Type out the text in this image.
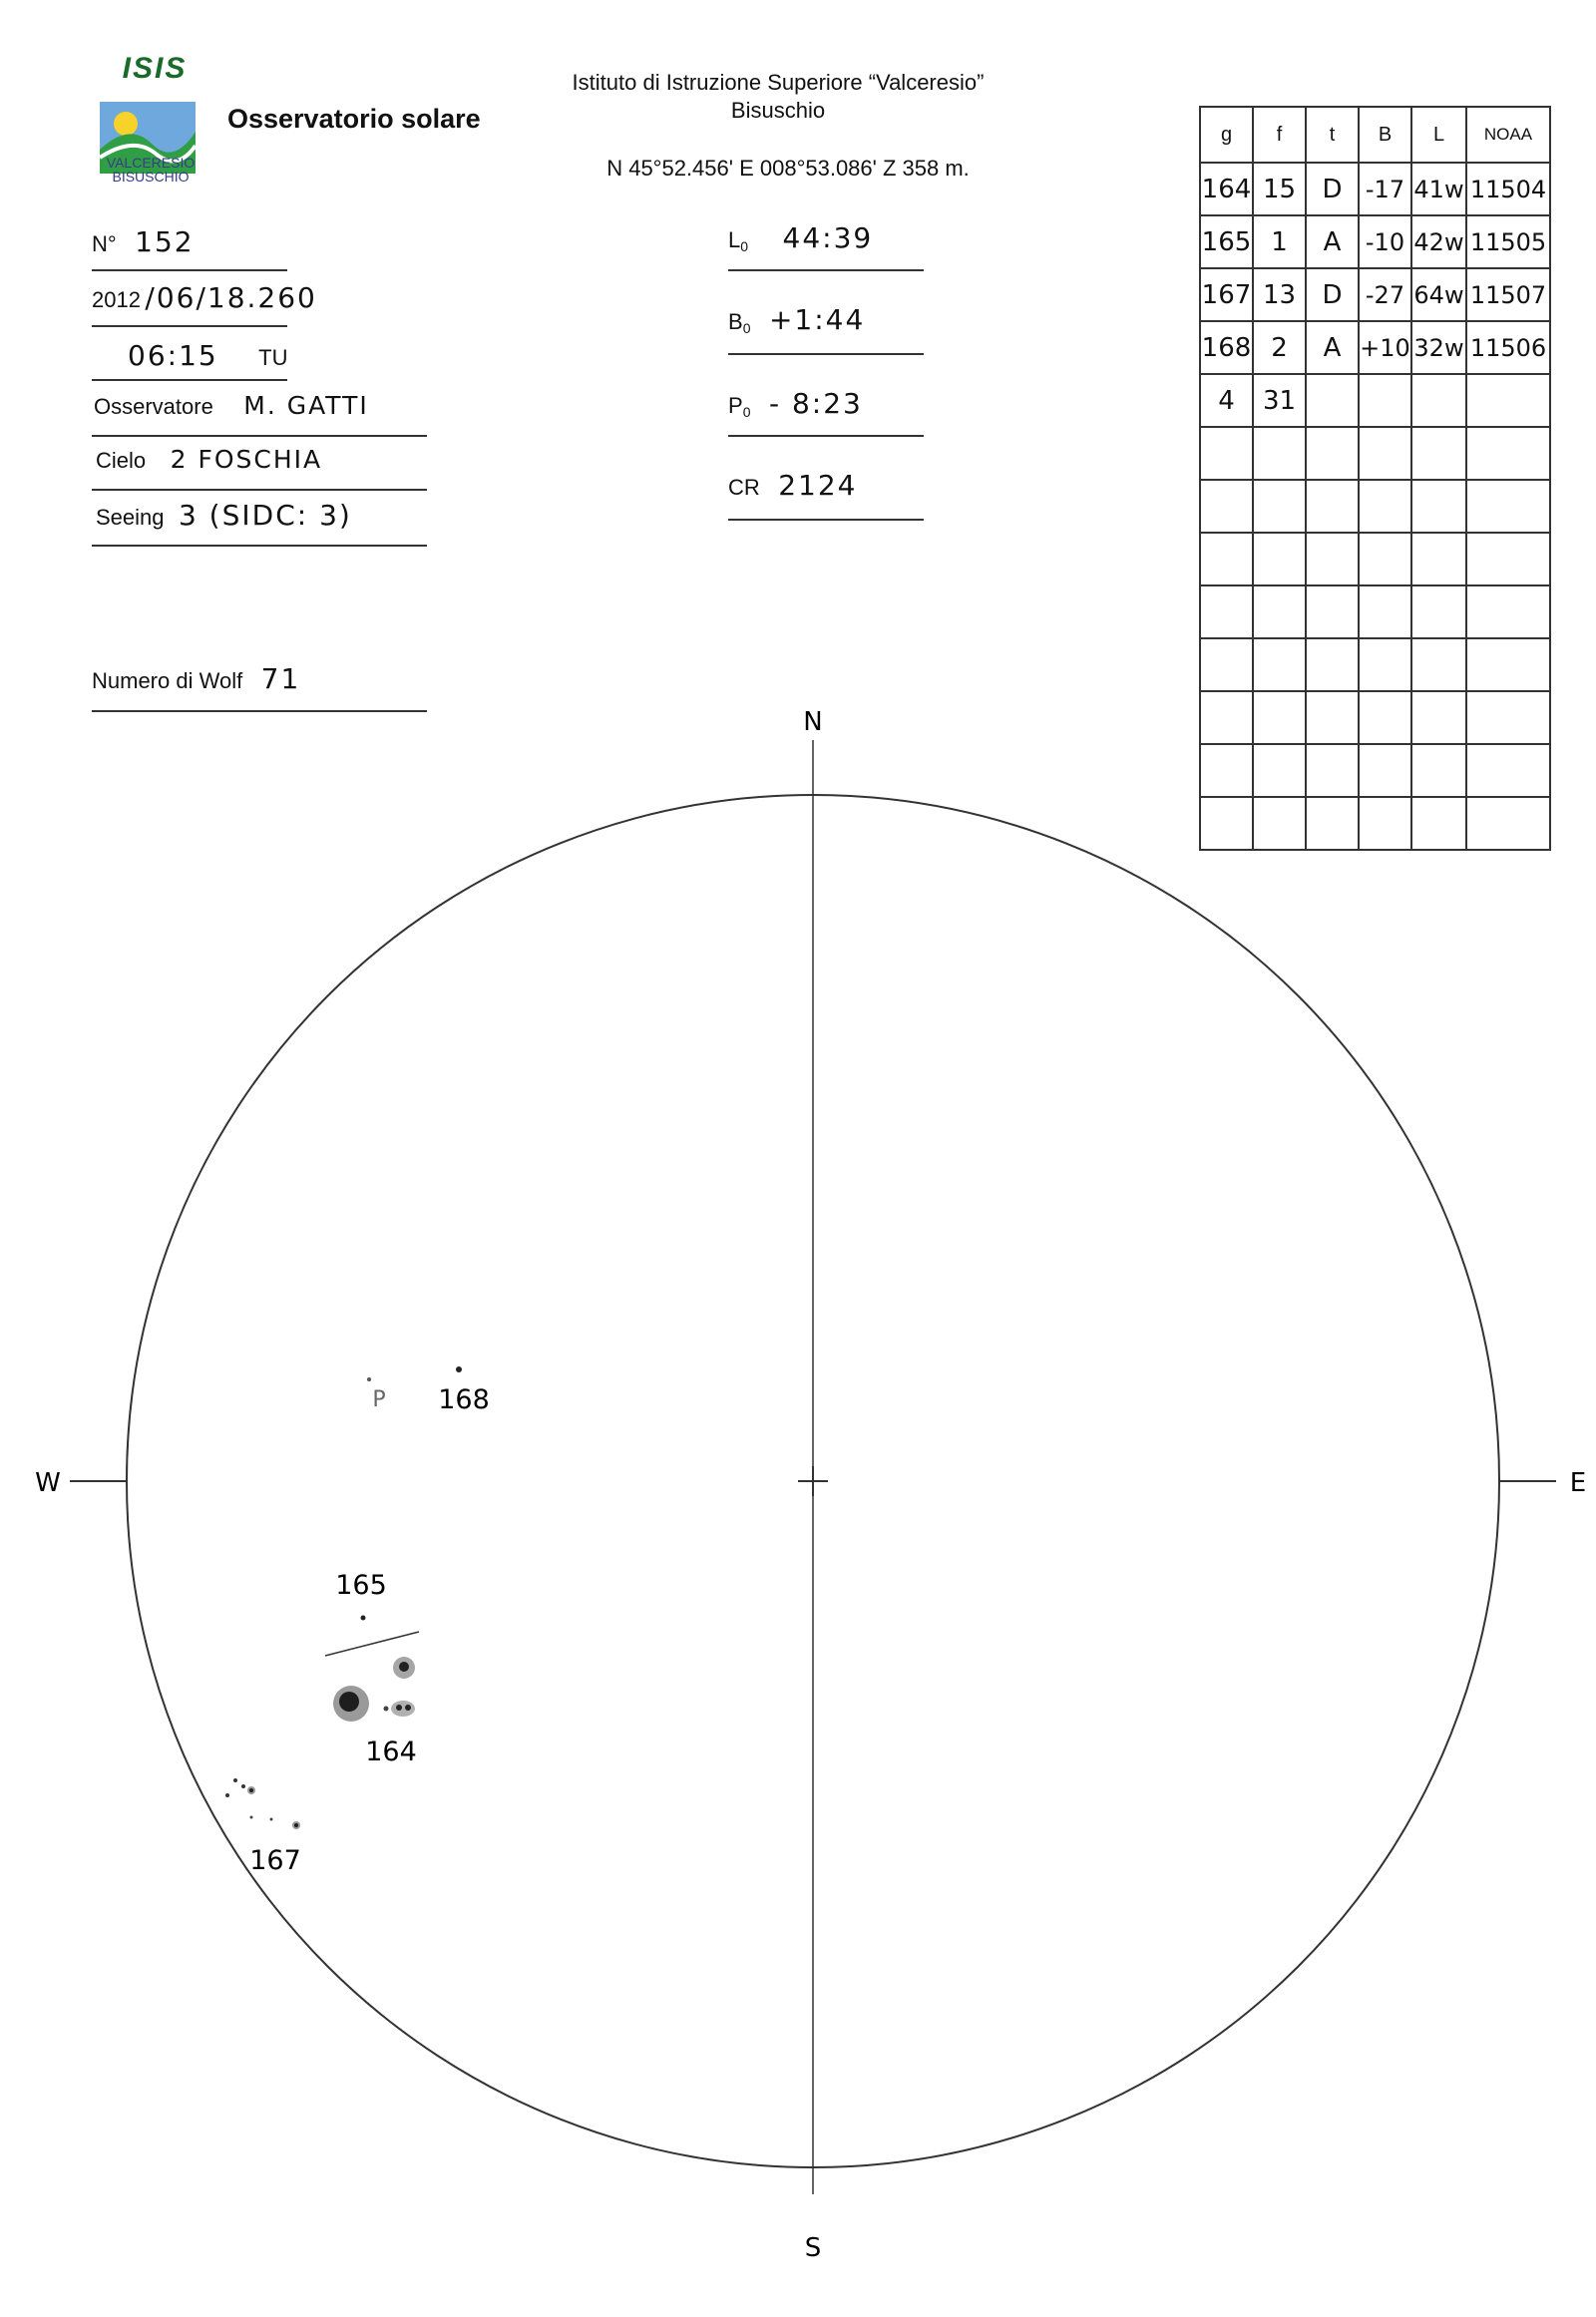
ISIS
VALCERESIO
BISUSCHIO
Osservatorio solare
Istituto di Istruzione Superiore “Valceresio”
Bisuschio
N 45°52.456' E 008°53.086' Z 358 m.
N° 152
2012 /06/18.260
06:15 TU
Osservatore M. GATTI
Cielo 2 FOSCHIA
Seeing 3 (SIDC: 3)
Numero di Wolf 71
$L_0$ 44:39
$B_0$ +1:44
$P_0$ - 8:23
CR 2124
g	f	t	B	L	NOAA
164	15	D	-17	41w	11504
165	1	A	-10	42w	11505
167	13	D	-27	64w	11507
168	2	A	+10	32w	11506
4	31				

N
S
W	E
P 168
165
164
167
